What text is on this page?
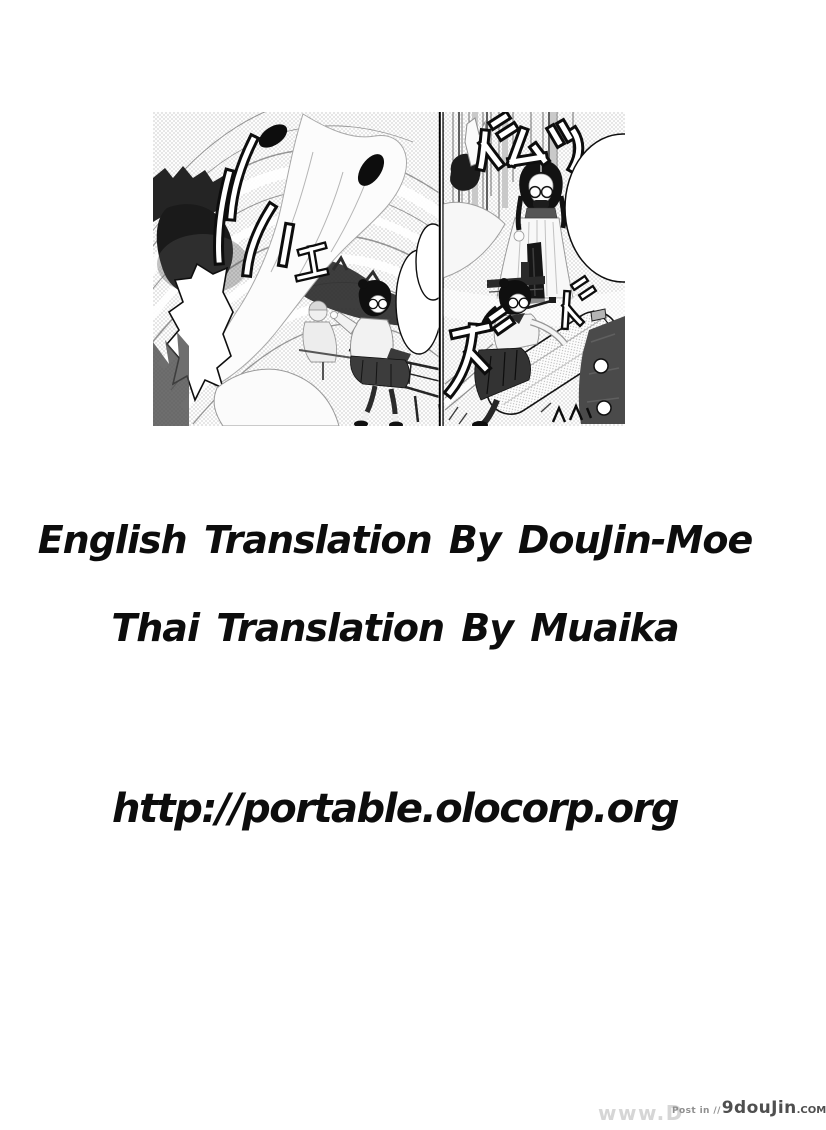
English Translation By DouJin-Moe
Thai Translation By Muaika
http://portable.olocorp.org
www.D
Post in // 9douJin .COM
